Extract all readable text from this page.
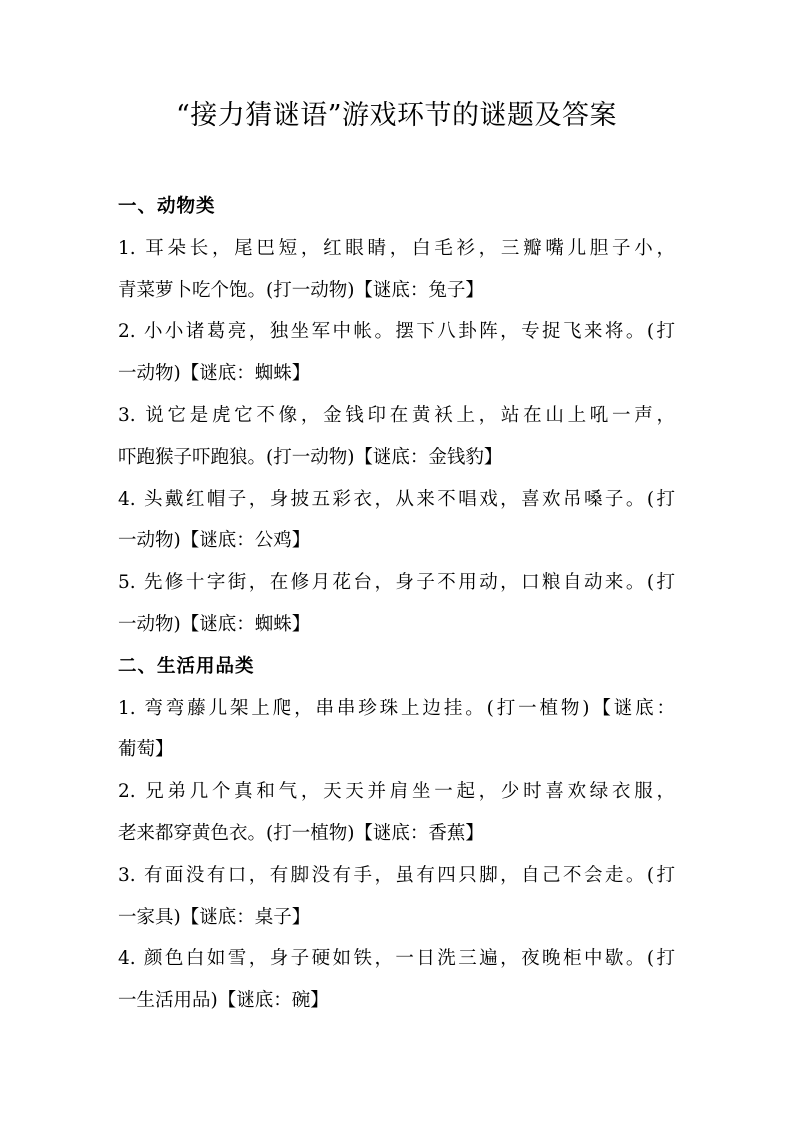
“接力猜谜语”游戏环节的谜题及答案
一、动物类
1. 耳朵长，尾巴短，红眼睛，白毛衫，三瓣嘴儿胆子小，
青菜萝卜吃个饱。(打一动物)【谜底：兔子】
2. 小小诸葛亮，独坐军中帐。摆下八卦阵，专捉飞来将。(打
一动物)【谜底：蜘蛛】
3. 说它是虎它不像，金钱印在黄袄上，站在山上吼一声，
吓跑猴子吓跑狼。(打一动物)【谜底：金钱豹】
4. 头戴红帽子，身披五彩衣，从来不唱戏，喜欢吊嗓子。(打
一动物)【谜底：公鸡】
5. 先修十字街，在修月花台，身子不用动，口粮自动来。(打
一动物)【谜底：蜘蛛】
二、生活用品类
1. 弯弯藤儿架上爬，串串珍珠上边挂。(打一植物)【谜底：
葡萄】
2. 兄弟几个真和气，天天并肩坐一起，少时喜欢绿衣服，
老来都穿黄色衣。(打一植物)【谜底：香蕉】
3. 有面没有口，有脚没有手，虽有四只脚，自己不会走。(打
一家具)【谜底：桌子】
4. 颜色白如雪，身子硬如铁，一日洗三遍，夜晚柜中歇。(打
一生活用品)【谜底：碗】
